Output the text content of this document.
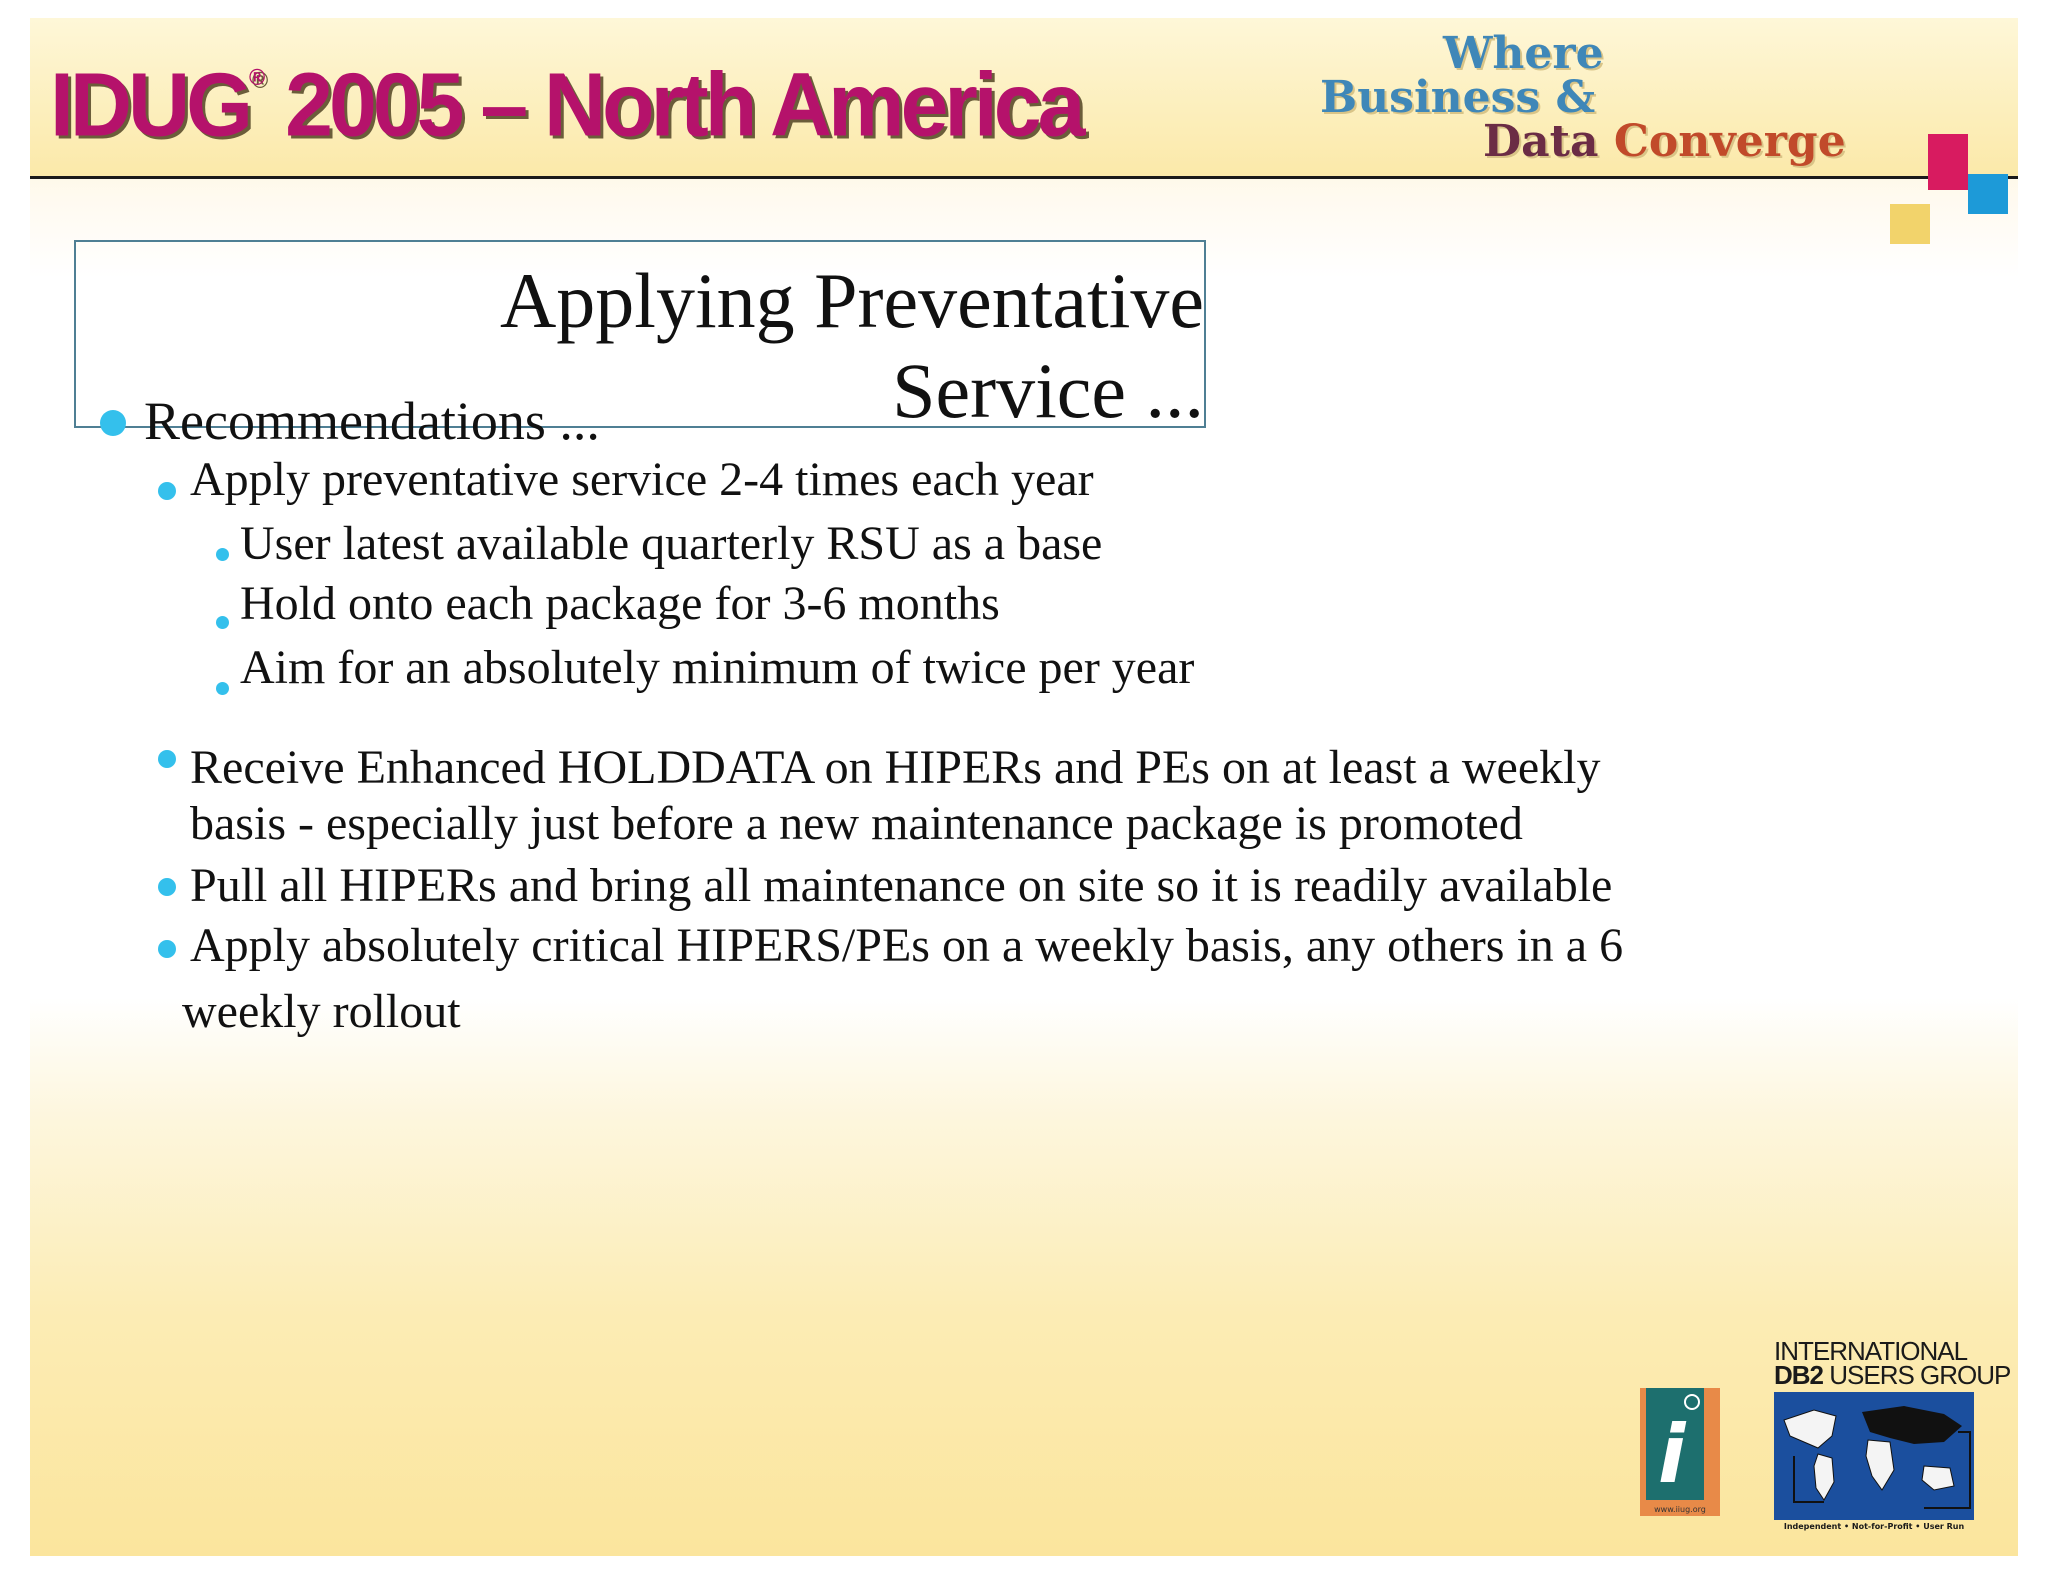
IDUG® 2005 – North America
Where
Business &
Data Converge
Applying Preventative
Service ...
Recommendations ...
Apply preventative service 2-4 times each year
User latest available quarterly RSU as a base
Hold onto each package for 3-6 months
Aim for an absolutely minimum of twice per year
Receive Enhanced HOLDDATA on HIPERs and PEs on at least a weekly
basis - especially just before a new maintenance package is promoted
Pull all HIPERs and bring all maintenance on site so it is readily available
Apply absolutely critical HIPERS/PEs on a weekly basis, any others in a 6
weekly rollout
i
www.iiug.org
INTERNATIONAL
DB2 USERS GROUP
Independent • Not-for-Profit • User Run
